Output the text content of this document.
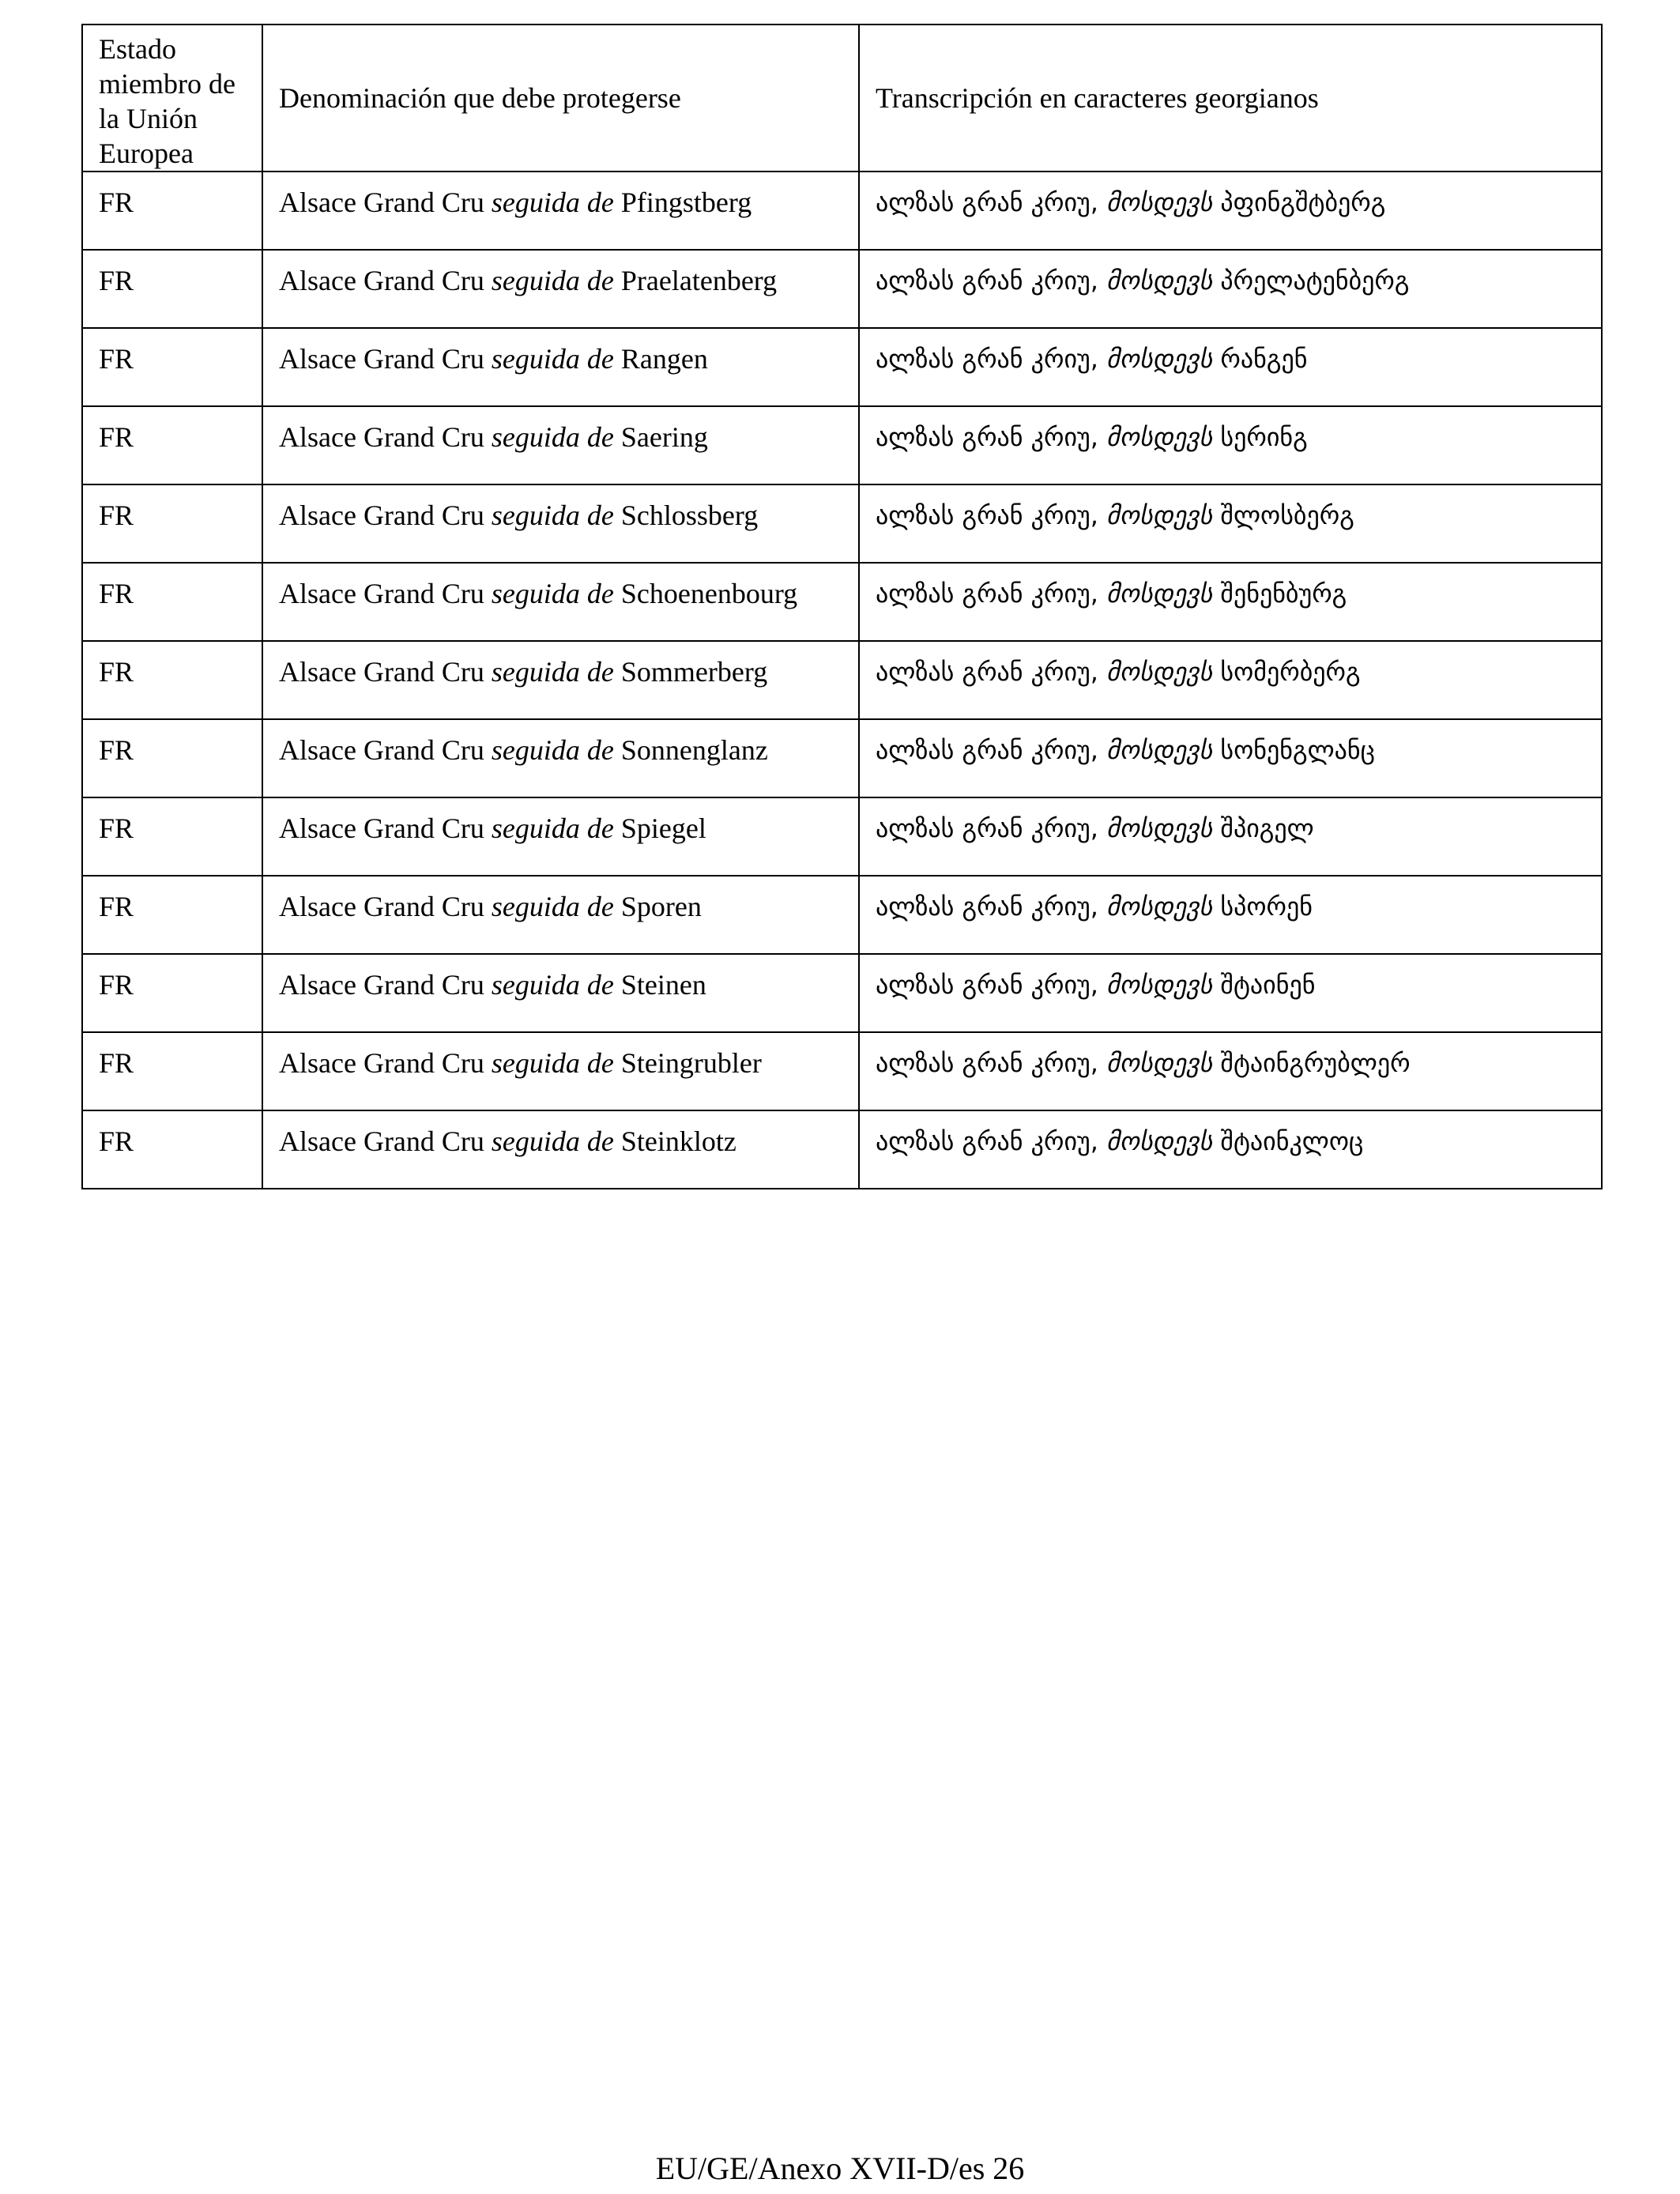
Estado miembro de la Unión Europea	Denominación que debe protegerse	Transcripción en caracteres georgianos
FR	Alsace Grand Cru seguida de Pfingstberg	ალზას გრან კრიუ, მოსდევს პფინგშტბერგ
FR	Alsace Grand Cru seguida de Praelatenberg	ალზას გრან კრიუ, მოსდევს პრელატენბერგ
FR	Alsace Grand Cru seguida de Rangen	ალზას გრან კრიუ, მოსდევს რანგენ
FR	Alsace Grand Cru seguida de Saering	ალზას გრან კრიუ, მოსდევს სერინგ
FR	Alsace Grand Cru seguida de Schlossberg	ალზას გრან კრიუ, მოსდევს შლოსბერგ
FR	Alsace Grand Cru seguida de Schoenenbourg	ალზას გრან კრიუ, მოსდევს შენენბურგ
FR	Alsace Grand Cru seguida de Sommerberg	ალზას გრან კრიუ, მოსდევს სომერბერგ
FR	Alsace Grand Cru seguida de Sonnenglanz	ალზას გრან კრიუ, მოსდევს სონენგლანც
FR	Alsace Grand Cru seguida de Spiegel	ალზას გრან კრიუ, მოსდევს შპიგელ
FR	Alsace Grand Cru seguida de Sporen	ალზას გრან კრიუ, მოსდევს სპორენ
FR	Alsace Grand Cru seguida de Steinen	ალზას გრან კრიუ, მოსდევს შტაინენ
FR	Alsace Grand Cru seguida de Steingrubler	ალზას გრან კრიუ, მოსდევს შტაინგრუბლერ
FR	Alsace Grand Cru seguida de Steinklotz	ალზას გრან კრიუ, მოსდევს შტაინკლოც
EU/GE/Anexo XVII-D/es 26
